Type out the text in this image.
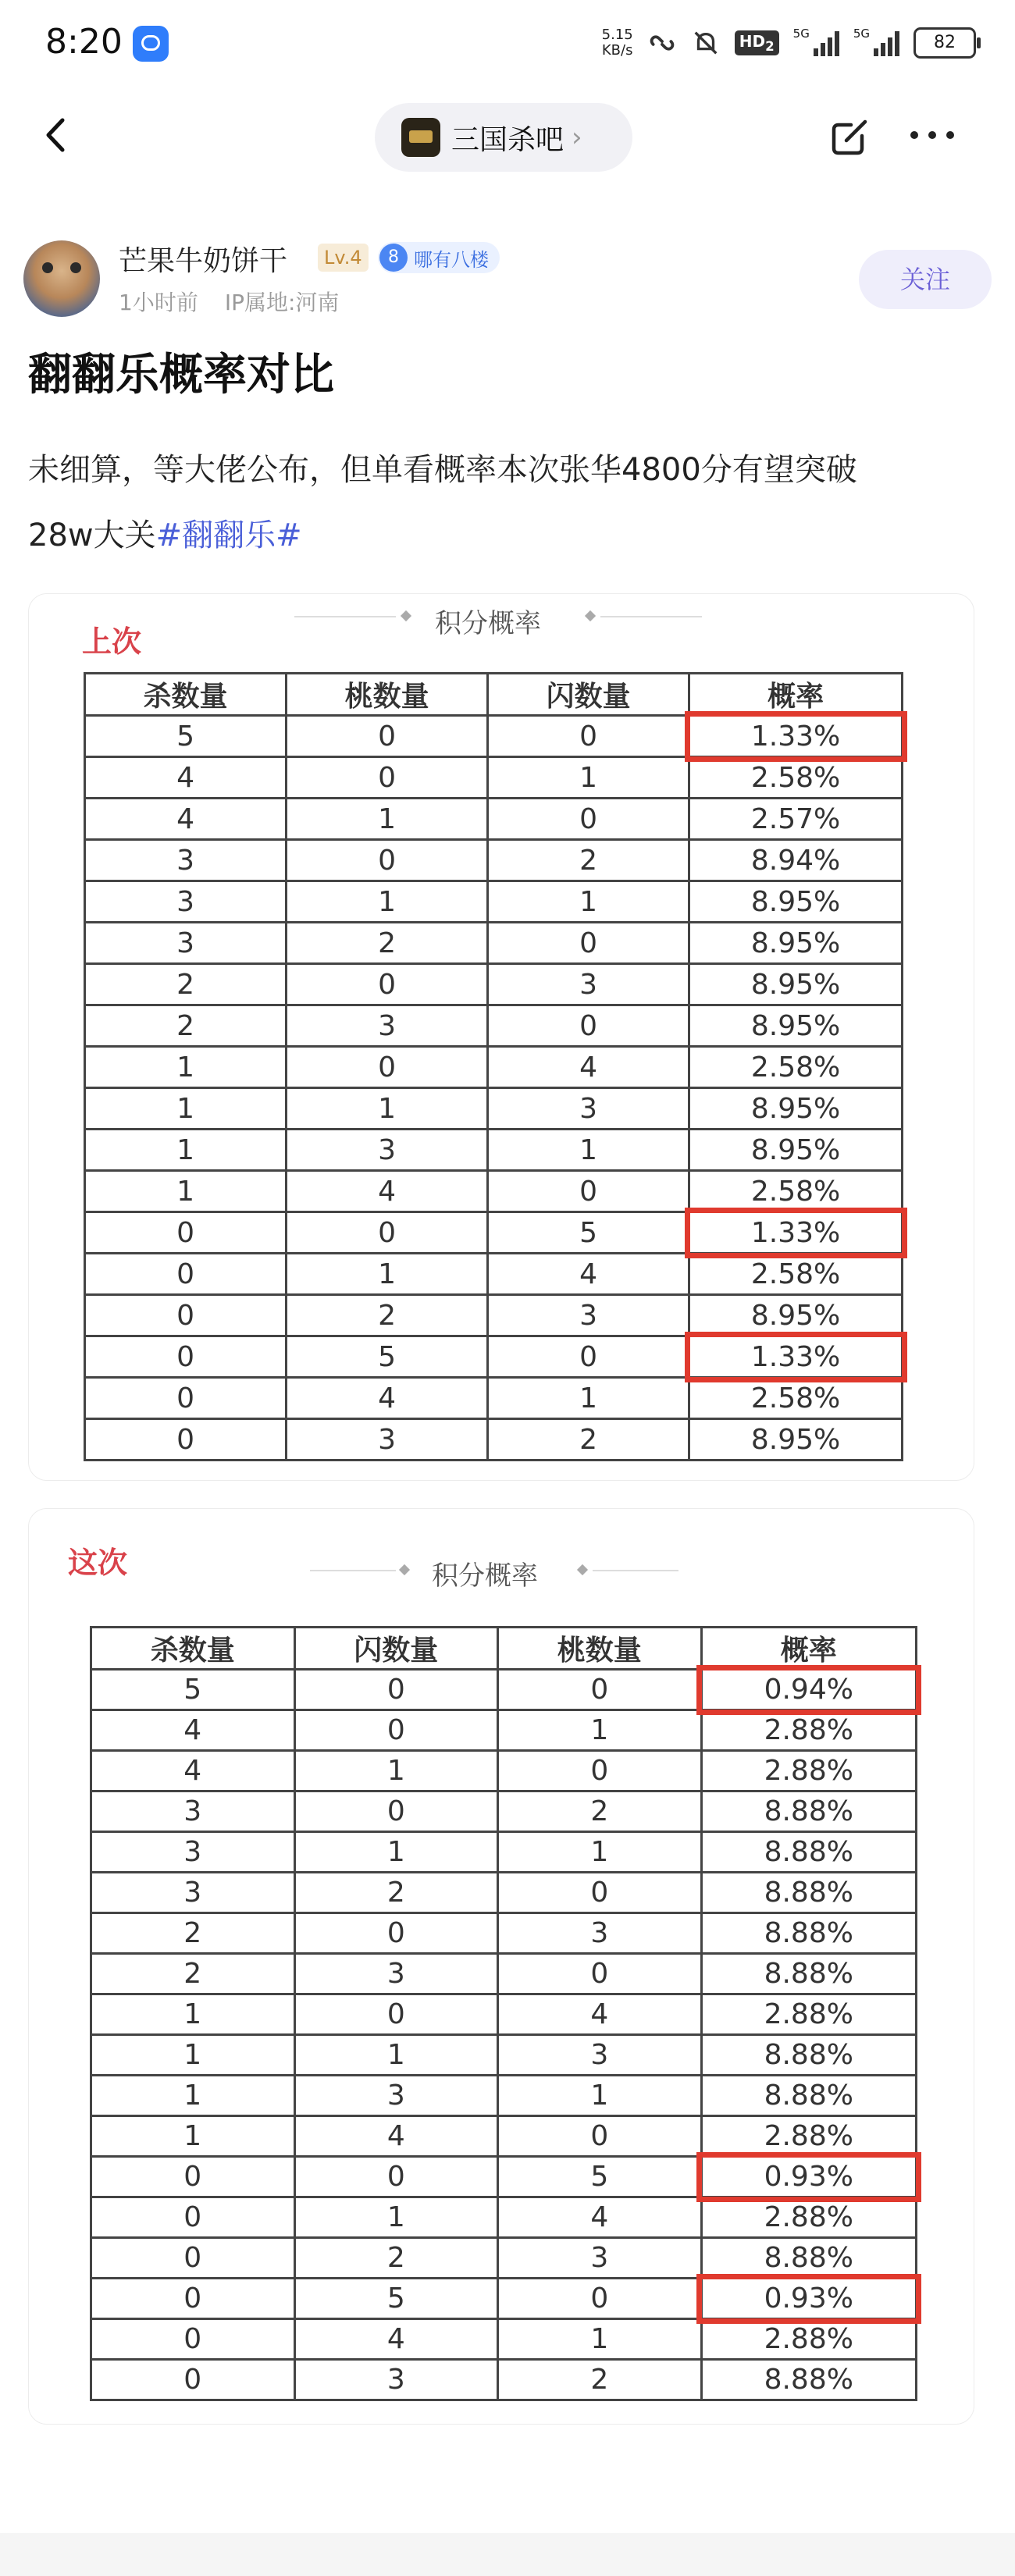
8:20	5.15
KB/s	$HD_2$
5G	5G	82
三国杀吧 ›
芒果牛奶饼干	Lv.4	8 哪有八楼
1小时前 IP属地:河南
关注
翻翻乐概率对比
未细算，等大佬公布，但单看概率本次张华4800分有望突破
28w大关#翻翻乐#
上次
积分概率
杀数量	桃数量	闪数量	概率
5	0	0	1.33%
4	0	1	2.58%
4	1	0	2.57%
3	0	2	8.94%
3	1	1	8.95%
3	2	0	8.95%
2	0	3	8.95%
2	3	0	8.95%
1	0	4	2.58%
1	1	3	8.95%
1	3	1	8.95%
1	4	0	2.58%
0	0	5	1.33%
0	1	4	2.58%
0	2	3	8.95%
0	5	0	1.33%
0	4	1	2.58%
0	3	2	8.95%
这次	积分概率
杀数量	闪数量	桃数量	概率
5	0	0	0.94%
4	0	1	2.88%
4	1	0	2.88%
3	0	2	8.88%
3	1	1	8.88%
3	2	0	8.88%
2	0	3	8.88%
2	3	0	8.88%
1	0	4	2.88%
1	1	3	8.88%
1	3	1	8.88%
1	4	0	2.88%
0	0	5	0.93%
0	1	4	2.88%
0	2	3	8.88%
0	5	0	0.93%
0	4	1	2.88%
0	3	2	8.88%
